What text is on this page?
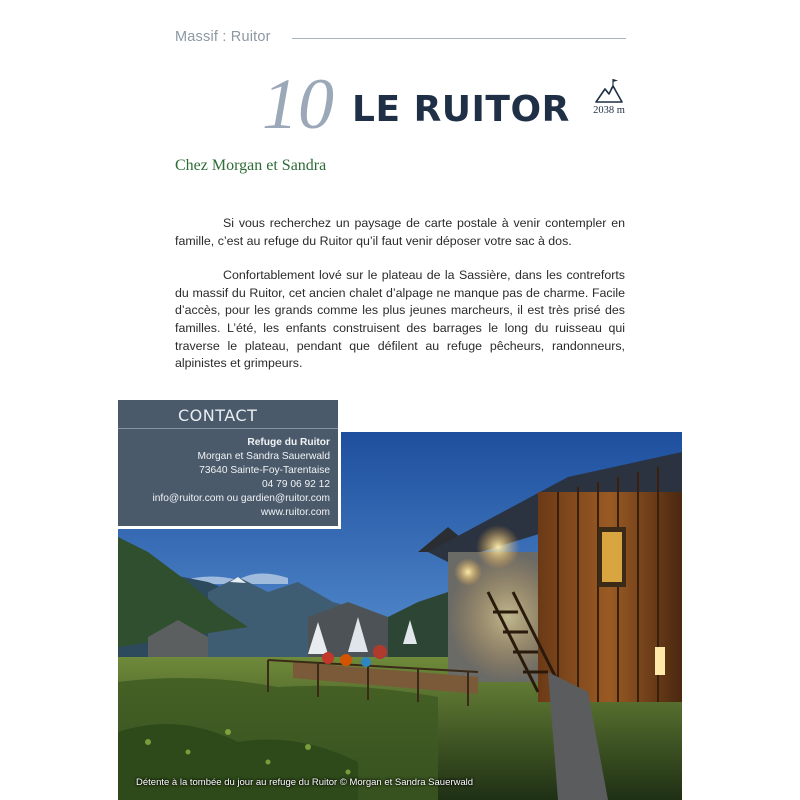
Massif : Ruitor
10 LE RUITOR	2038 m
Chez Morgan et Sandra

Si vous recherchez un paysage de carte postale à venir contempler en famille, c’est au refuge du Ruitor qu’il faut venir déposer votre sac à dos.

Confortablement lové sur le plateau de la Sassière, dans les contreforts du massif du Ruitor, cet ancien chalet d’alpage ne manque pas de charme. Facile d’accès, pour les grands comme les plus jeunes marcheurs, il est très prisé des familles. L’été, les enfants construisent des barrages le long du ruisseau qui traverse le plateau, pendant que défilent au refuge pêcheurs, randonneurs, alpinistes et grimpeurs.

Détente à la tombée du jour au refuge du Ruitor © Morgan et Sandra Sauerwald
CONTACT
Refuge du Ruitor
Morgan et Sandra Sauerwald
73640 Sainte-Foy-Tarentaise
04 79 06 92 12
info@ruitor.com ou gardien@ruitor.com
www.ruitor.com
